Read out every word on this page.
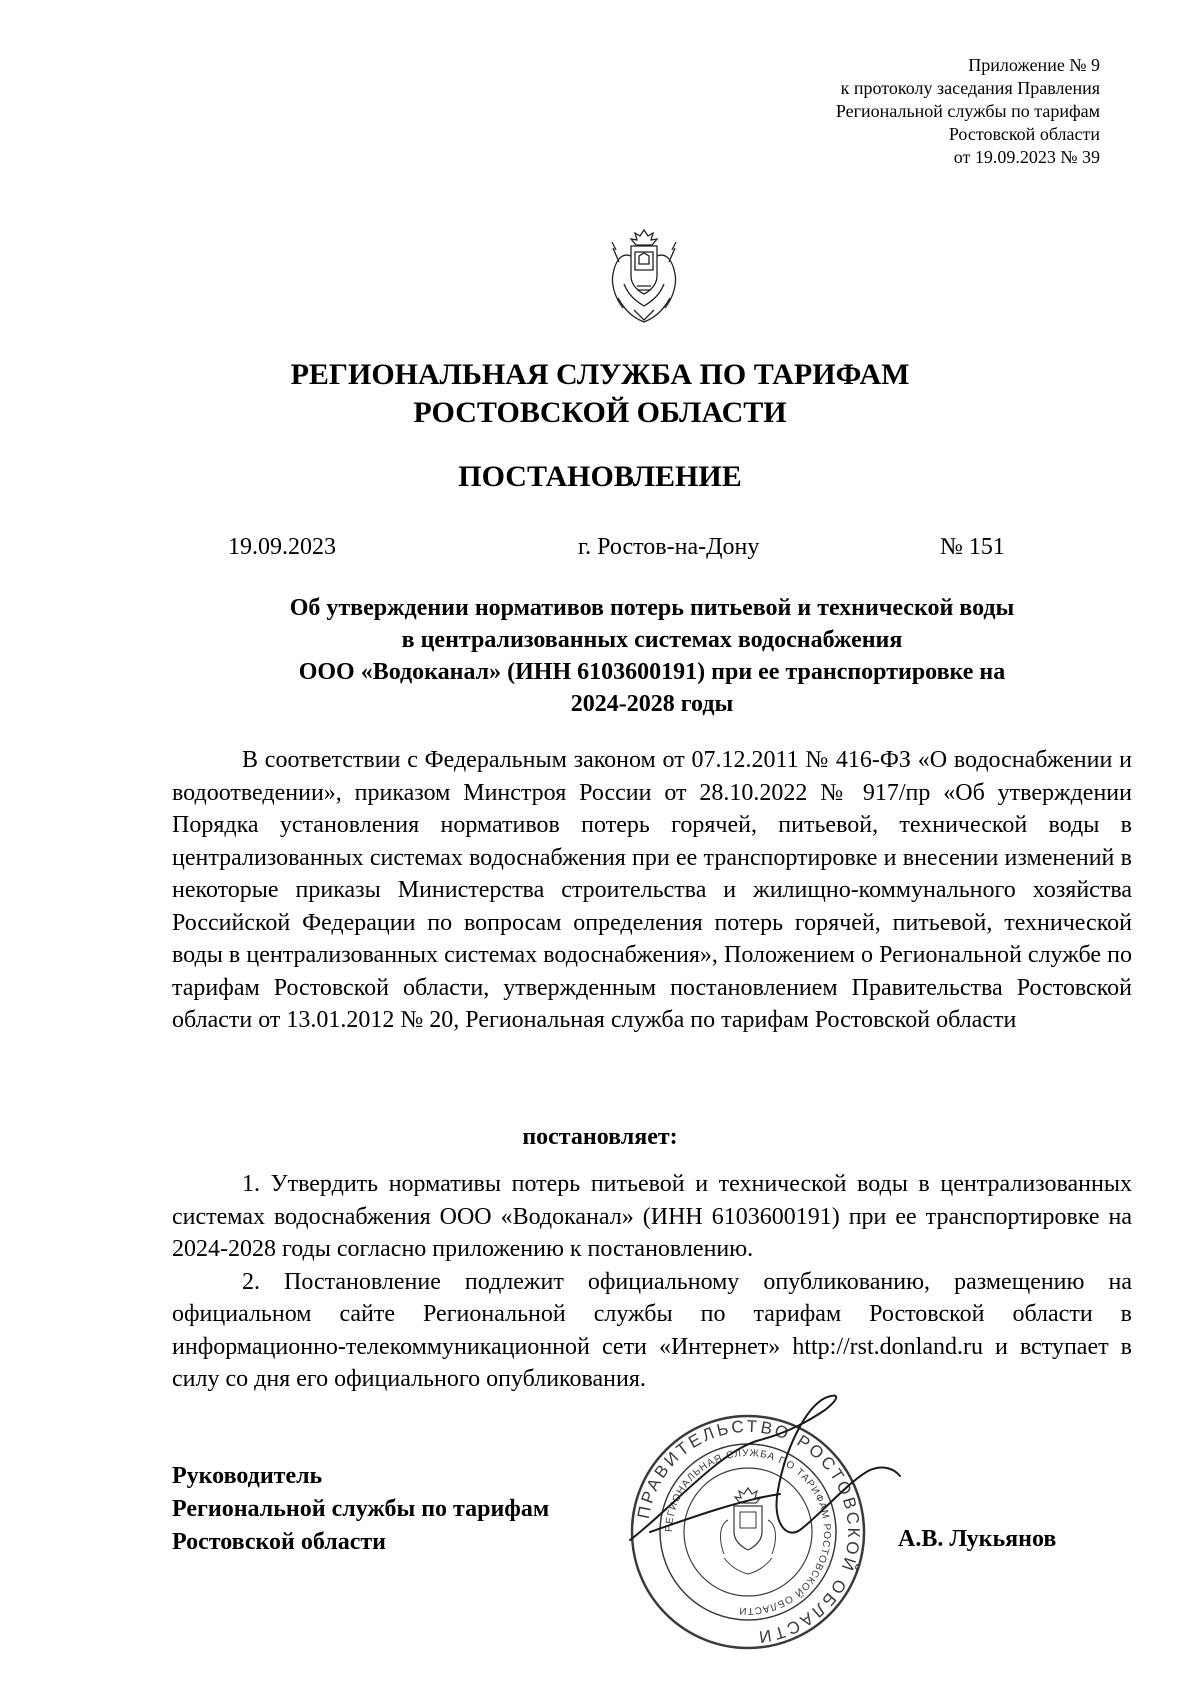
Приложение № 9
к протоколу заседания Правления
Региональной службы по тарифам
Ростовской области
от 19.09.2023 № 39
РЕГИОНАЛЬНАЯ СЛУЖБА ПО ТАРИФАМ
РОСТОВСКОЙ ОБЛАСТИ
ПОСТАНОВЛЕНИЕ
19.09.2023	г. Ростов-на-Дону	№ 151
Об утверждении нормативов потерь питьевой и технической воды
в централизованных системах водоснабжения
ООО «Водоканал» (ИНН 6103600191) при ее транспортировке на
2024-2028 годы
В соответствии с Федеральным законом от 07.12.2011 № 416-ФЗ «О водоснабжении и водоотведении», приказом Минстроя России от 28.10.2022 № 917/пр «Об утверждении Порядка установления нормативов потерь горячей, питьевой, технической воды в централизованных системах водоснабжения при ее транспортировке и внесении изменений в некоторые приказы Министерства строительства и жилищно-коммунального хозяйства Российской Федерации по вопросам определения потерь горячей, питьевой, технической воды в централизованных системах водоснабжения», Положением о Региональной службе по тарифам Ростовской области, утвержденным постановлением Правительства Ростовской области от 13.01.2012 № 20, Региональная служба по тарифам Ростовской области
постановляет:

1. Утвердить нормативы потерь питьевой и технической воды в централизованных системах водоснабжения ООО «Водоканал» (ИНН 6103600191) при ее транспортировке на 2024-2028 годы согласно приложению к постановлению.

2. Постановление подлежит официальному опубликованию, размещению на официальном сайте Региональной службы по тарифам Ростовской области в информационно-телекоммуникационной сети «Интернет» http://rst.donland.ru и вступает в силу со дня его официального опубликования.

Руководитель
Региональной службы по тарифам
Ростовской области
ПРАВИТЕЛЬСТВО РОСТОВСКОЙ ОБЛАСТИ
РЕГИОНАЛЬНАЯ СЛУЖБА ПО ТАРИФАМ РОСТОВСКОЙ ОБЛАСТИ
А.В. Лукьянов
